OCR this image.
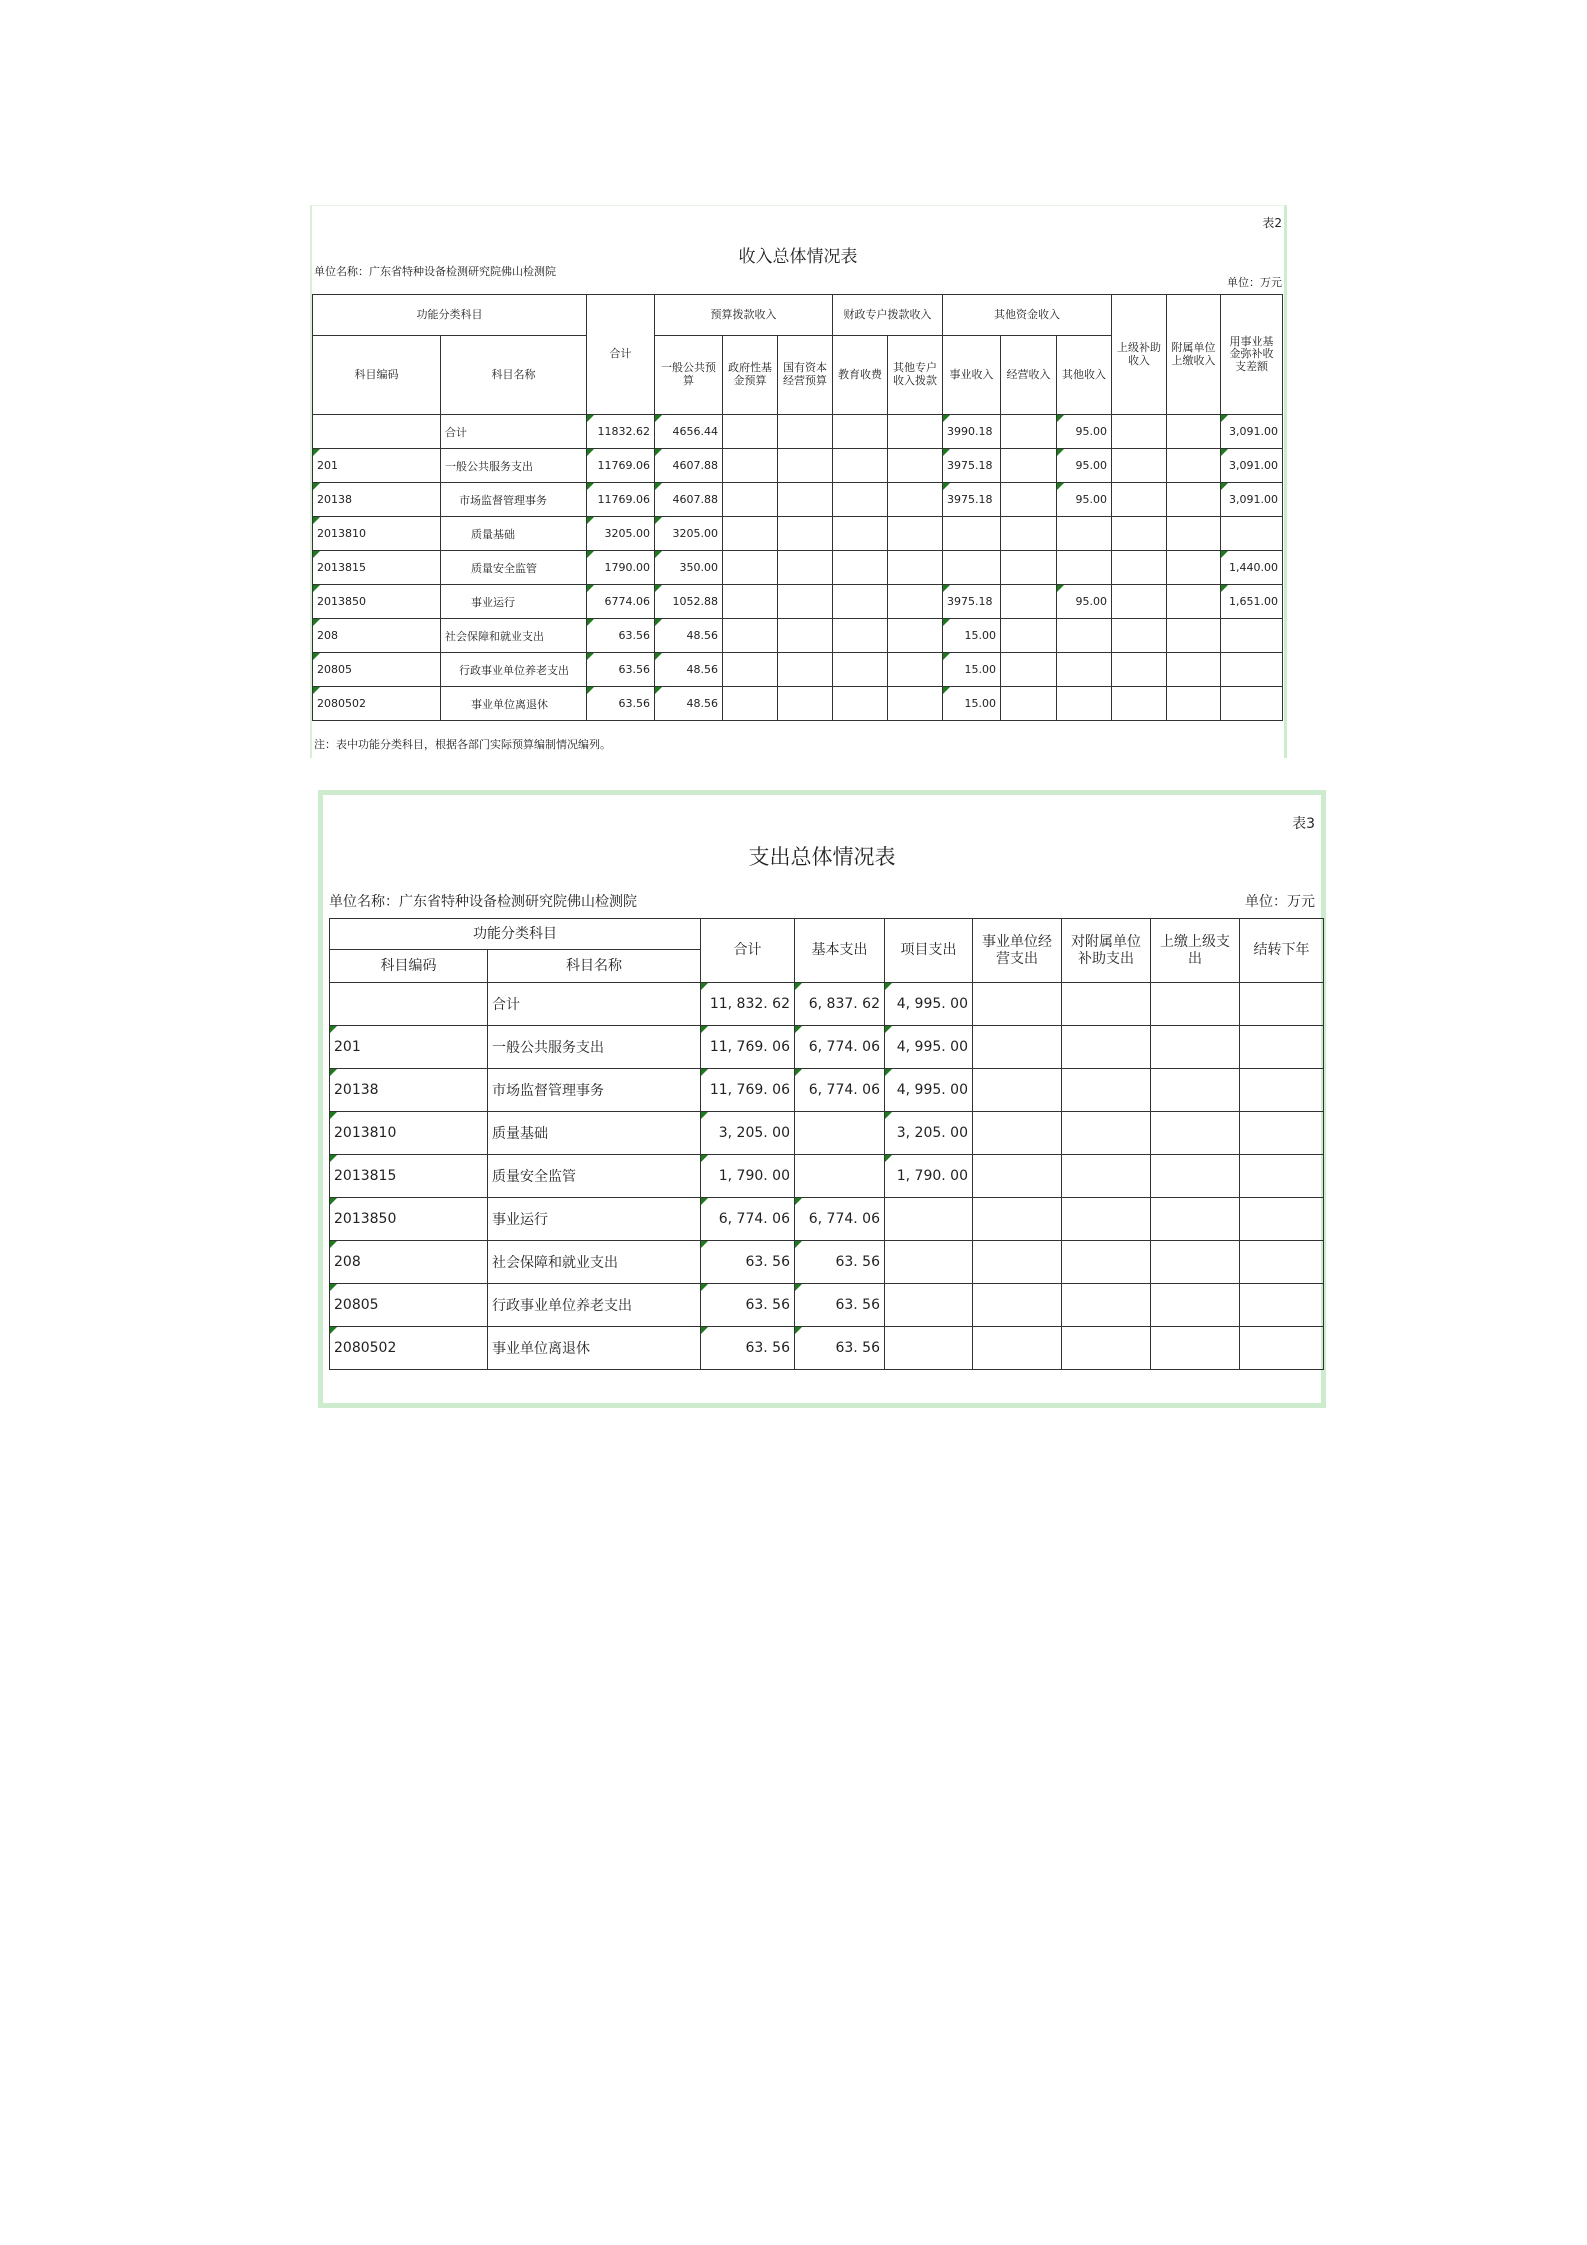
表2
收入总体情况表
单位名称：广东省特种设备检测研究院佛山检测院
单位：万元
功能分类科目		合计	预算拨款收入			财政专户拨款收入		其他资金收入			上级补助收入	附属单位上缴收入	用事业基金弥补收支差额
科目编码	科目名称		一般公共预算	政府性基金预算	国有资本经营预算	教育收费	其他专户收入拨款	事业收入	经营收入	其他收入			
	合计	11832.62	4656.44					3990.18		95.00			3,091.00
201	一般公共服务支出	11769.06	4607.88					3975.18		95.00			3,091.00
20138	市场监督管理事务	11769.06	4607.88					3975.18		95.00			3,091.00
2013810	质量基础	3205.00	3205.00										
2013815	质量安全监管	1790.00	350.00										1,440.00
2013850	事业运行	6774.06	1052.88					3975.18		95.00			1,651.00
208	社会保障和就业支出	63.56	48.56					15.00					
20805	行政事业单位养老支出	63.56	48.56					15.00					
2080502	事业单位离退休	63.56	48.56					15.00					
注：表中功能分类科目，根据各部门实际预算编制情况编列。
表3
支出总体情况表
单位名称：广东省特种设备检测研究院佛山检测院	单位：万元
功能分类科目		合计	基本支出	项目支出	事业单位经营支出	对附属单位补助支出	上缴上级支出	结转下年
科目编码	科目名称							
	合计	11, 832. 62	6, 837. 62	4, 995. 00				
201	一般公共服务支出	11, 769. 06	6, 774. 06	4, 995. 00				
20138	市场监督管理事务	11, 769. 06	6, 774. 06	4, 995. 00				
2013810	质量基础	3, 205. 00		3, 205. 00				
2013815	质量安全监管	1, 790. 00		1, 790. 00				
2013850	事业运行	6, 774. 06	6, 774. 06					
208	社会保障和就业支出	63. 56	63. 56					
20805	行政事业单位养老支出	63. 56	63. 56					
2080502	事业单位离退休	63. 56	63. 56					
